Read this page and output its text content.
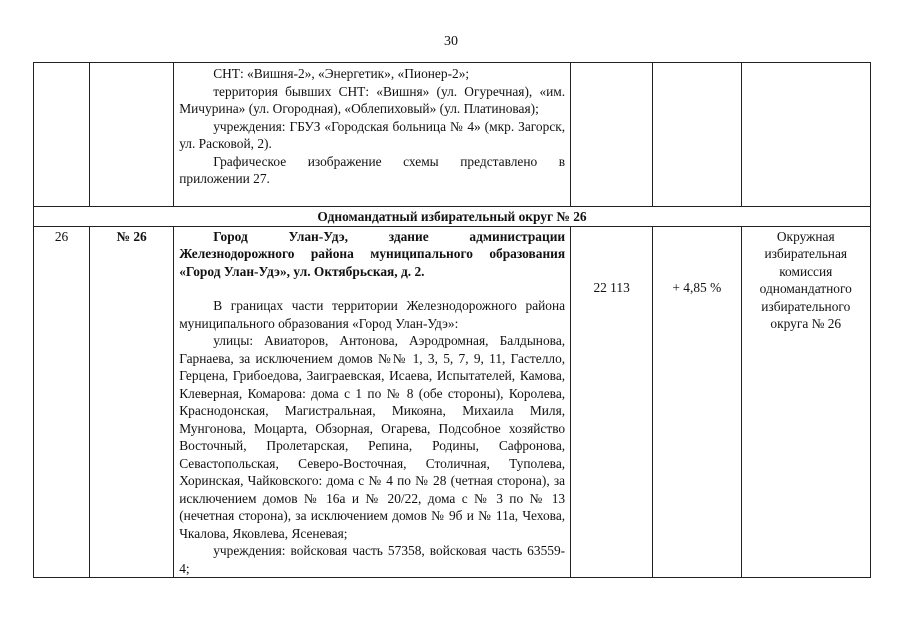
30

		СНТ: «Вишня-2», «Энергетик», «Пионер-2»;

территория бывших СНТ: «Вишня» (ул. Огуречная), «им. Мичурина» (ул. Огородная), «Облепиховый» (ул. Платиновая);

учреждения: ГБУЗ «Городская больница № 4» (мкр. Загорск, ул. Расковой, 2).

Графическое изображение схемы представлено в приложении 27.			

Одномандатный избирательный округ № 26					
26	№ 26	Город Улан-Удэ, здание администрации Железнодорожного района муниципального образования «Город Улан-Удэ», ул. Октябрьская, д. 2.

В границах части территории Железнодорожного района муниципального образования «Город Улан-Удэ»:

улицы: Авиаторов, Антонова, Аэродромная, Балдынова, Гарнаева, за исключением домов №№ 1, 3, 5, 7, 9, 11, Гастелло, Герцена, Грибоедова, Заиграевская, Исаева, Испытателей, Камова, Клеверная, Комарова: дома с 1 по № 8 (обе стороны), Королева, Краснодонская, Магистральная, Микояна, Михаила Миля, Мунгонова, Моцарта, Обзорная, Огарева, Подсобное хозяйство Восточный, Пролетарская, Репина, Родины, Сафронова, Севастопольская, Северо-Восточная, Столичная, Туполева, Хоринская, Чайковского: дома с № 4 по № 28 (четная сторона), за исключением домов № 16а и № 20/22, дома с № 3 по № 13 (нечетная сторона), за исключением домов № 9б и № 11а, Чехова, Чкалова, Яковлева, Ясеневая;

учреждения: войсковая часть 57358, войсковая часть 63559-4;	22 113	+ 4,85 %	Окружная избирательная комиссия одномандатного избирательного округа № 26
